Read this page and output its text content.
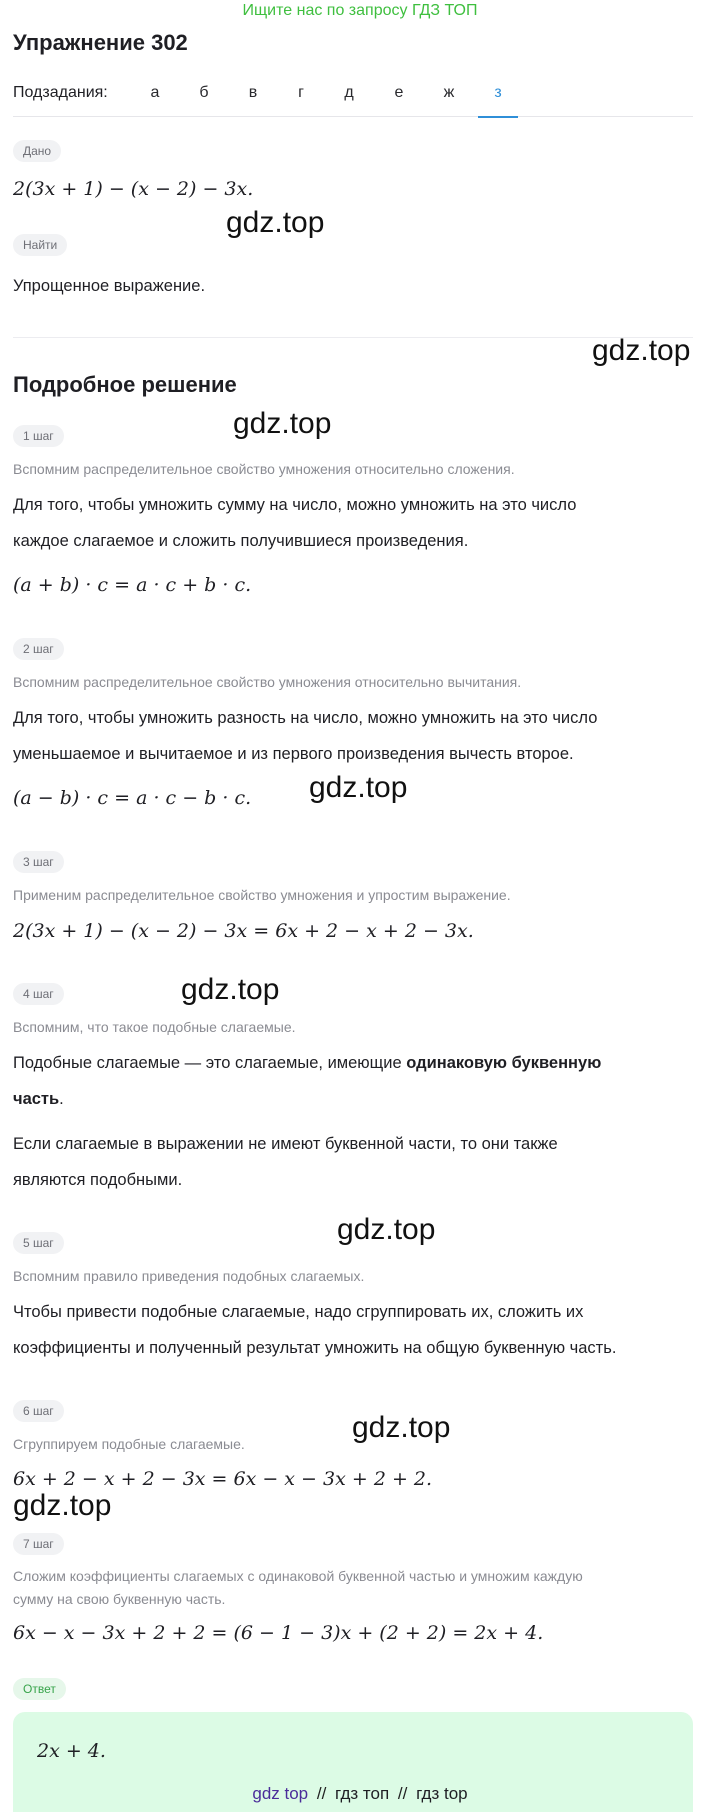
Ищите нас по запросу ГДЗ ТОП
Упражнение 302
Подзадания:	а	б	в	г	д	е	ж	з
Дано
2(3x + 1) − (x − 2) − 3x.
Найти
Упрощенное выражение.
Подробное решение
1 шаг
Вспомним распределительное свойство умножения относительно сложения.
Для того, чтобы умножить сумму на число, можно умножить на это число
каждое слагаемое и сложить получившиеся произведения.
(a + b) · c = a · c + b · c.
2 шаг
Вспомним распределительное свойство умножения относительно вычитания.
Для того, чтобы умножить разность на число, можно умножить на это число
уменьшаемое и вычитаемое и из первого произведения вычесть второе.
(a − b) · c = a · c − b · c.
3 шаг
Применим распределительное свойство умножения и упростим выражение.
2(3x + 1) − (x − 2) − 3x = 6x + 2 − x + 2 − 3x.
4 шаг
Вспомним, что такое подобные слагаемые.
Подобные слагаемые — это слагаемые, имеющие одинаковую буквенную
часть.
Если слагаемые в выражении не имеют буквенной части, то они также
являются подобными.
5 шаг
Вспомним правило приведения подобных слагаемых.
Чтобы привести подобные слагаемые, надо сгруппировать их, сложить их
коэффициенты и полученный результат умножить на общую буквенную часть.
6 шаг
Сгруппируем подобные слагаемые.
6x + 2 − x + 2 − 3x = 6x − x − 3x + 2 + 2.
7 шаг
Сложим коэффициенты слагаемых с одинаковой буквенной частью и умножим каждую
сумму на свою буквенную часть.
6x − x − 3x + 2 + 2 = (6 − 1 − 3)x + (2 + 2) = 2x + 4.
Ответ
2x + 4.
gdz.top
gdz.top
gdz.top
gdz.top
gdz.top
gdz.top
gdz.top
gdz.top
gdz top // гдз топ // гдз top
